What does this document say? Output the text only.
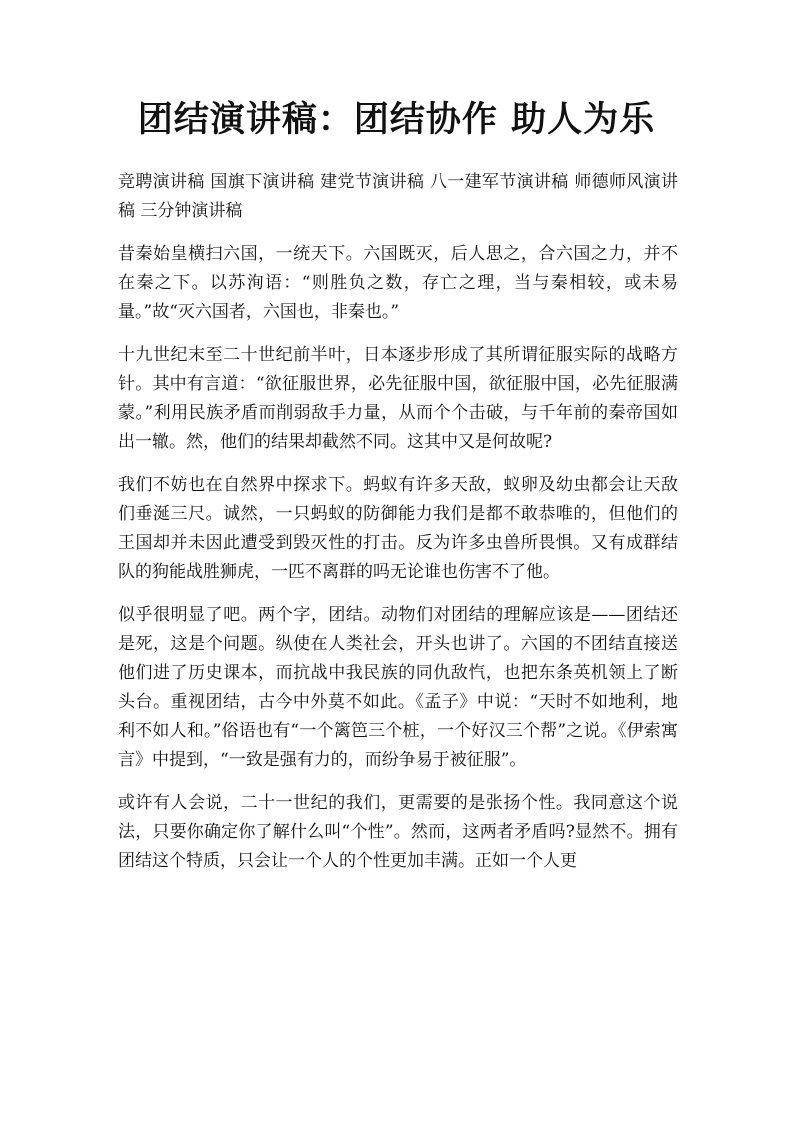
团结演讲稿：团结协作 助人为乐

竞聘演讲稿 国旗下演讲稿 建党节演讲稿 八一建军节演讲稿 师德师风演讲稿 三分钟演讲稿

昔秦始皇横扫六国，一统天下。六国既灭，后人思之，合六国之力，并不在秦之下。以苏洵语：“则胜负之数，存亡之理，当与秦相较，或未易量。”故“灭六国者，六国也，非秦也。”

十九世纪末至二十世纪前半叶，日本逐步形成了其所谓征服实际的战略方针。其中有言道：“欲征服世界，必先征服中国，欲征服中国，必先征服满蒙。”利用民族矛盾而削弱敌手力量，从而个个击破，与千年前的秦帝国如出一辙。然，他们的结果却截然不同。这其中又是何故呢?

我们不妨也在自然界中探求下。蚂蚁有许多天敌，蚁卵及幼虫都会让天敌们垂涎三尺。诚然，一只蚂蚁的防御能力我们是都不敢恭唯的，但他们的王国却并未因此遭受到毁灭性的打击。反为许多虫兽所畏惧。又有成群结队的狗能战胜狮虎，一匹不离群的吗无论谁也伤害不了他。

似乎很明显了吧。两个字，团结。动物们对团结的理解应该是——团结还是死，这是个问题。纵使在人类社会，开头也讲了。六国的不团结直接送他们进了历史课本，而抗战中我民族的同仇敌忾，也把东条英机领上了断头台。重视团结，古今中外莫不如此。《孟子》中说：“天时不如地利，地利不如人和。”俗语也有“一个篱笆三个桩，一个好汉三个帮”之说。《伊索寓言》中提到，“一致是强有力的，而纷争易于被征服”。

或许有人会说，二十一世纪的我们，更需要的是张扬个性。我同意这个说法，只要你确定你了解什么叫“个性”。然而，这两者矛盾吗?显然不。拥有团结这个特质，只会让一个人的个性更加丰满。正如一个人更
